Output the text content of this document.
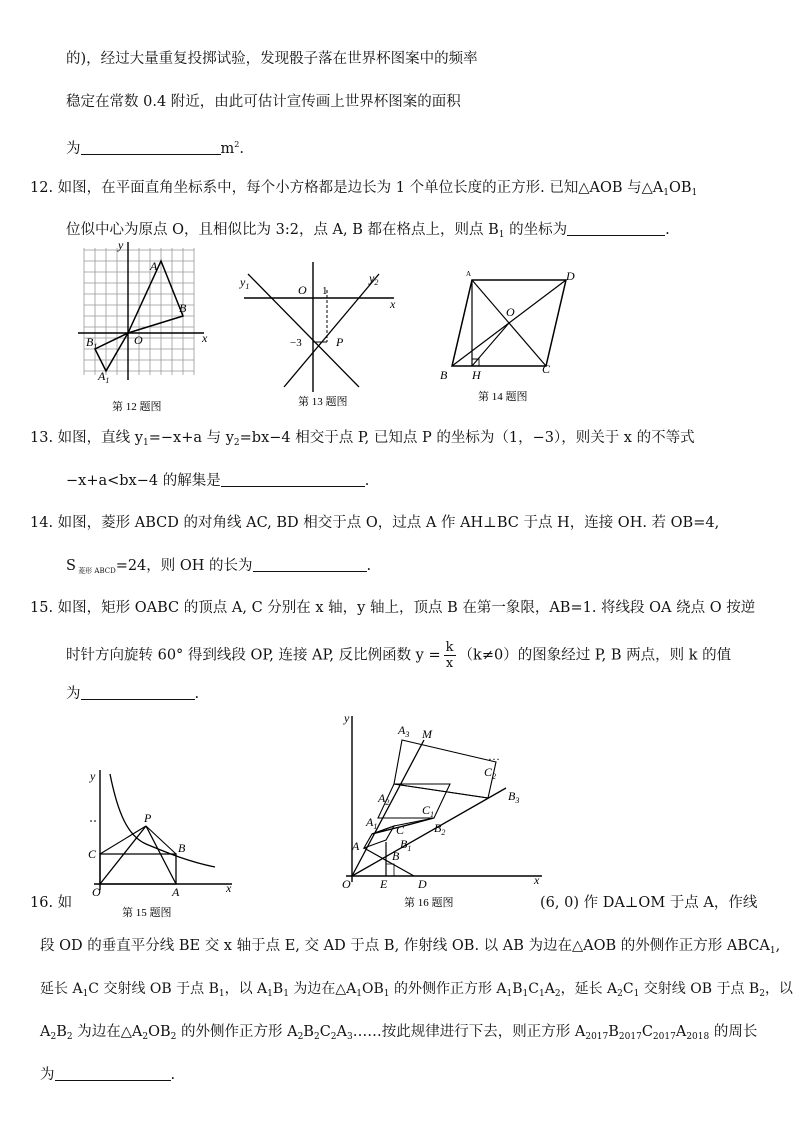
的)，经过大量重复投掷试验，发现骰子落在世界杯图案中的频率
稳定在常数 0.4 附近，由此可估计宣传画上世界杯图案的面积
为	$m^2$.
12. 如图，在平面直角坐标系中，每个小方格都是边长为 1 个单位长度的正方形. 已知△AOB 与$\triangle A_1OB_1$
位似中心为原点 O，且相似比为 3:2，点 A, B 都在格点上，则点 $B_1$ 的坐标为	.
y
x
A
B
O
$B_1$
$A_1$
第 12 题图
$y_1$
$y_2$
O 1
x
−3	P
第 13 题图
A	D
O
B H	C
第 14 题图
13. 如图，直线 $y_1=-x+a$ 与 $y_2=bx-4$ 相交于点 P, 已知点 P 的坐标为（1，−3），则关于 x 的不等式
−x+a<bx−4 的解集是	.
14. 如图，菱形 ABCD 的对角线 AC, BD 相交于点 O，过点 A 作 AH⊥BC 于点 H，连接 OH. 若 OB=4,
S $_{菱形 ABCD}$=24，则 OH 的长为	.
15. 如图，矩形 OABC 的顶点 A, C 分别在 x 轴，y 轴上，顶点 B 在第一象限，AB=1. 将线段 OA 绕点 O 按逆
时针方向旋转 60° 得到线段 OP, 连接 AP, 反比例函数 $y = \frac{k}{x} (k\ne 0)$的图象经过 P, B 两点，则 k 的值
为	.
y
P
C	B
O	A	x
第 15 题图
M
y
$A_3$
…
$C_2$
$B_3$
$A_2$
$C_1$
$B_2$
$A_1$ C
$B_1$
A
B
O E	D	x
第 16 题图
16. 如	(6, 0) 作 DA⊥OM 于点 A，作线
段 OD 的垂直平分线 BE 交 x 轴于点 E, 交 AD 于点 B, 作射线 OB. 以 AB 为边在△AOB 的外侧作正方形 $ABCA_1$,
延长 $A_1C$ 交射线 OB 于点 $B_1$，以 $A_1B_1$ 为边在$\triangle A_1OB_1$ 的外侧作正方形 $A_1B_1C_1A_2$，延长 $A_2C_1$ 交射线 OB 于点 $B_2$，以
$A_2B_2$ 为边在$\triangle A_2OB_2$ 的外侧作正方形 $A_2B_2C_2A_3\dots\dots$按此规律进行下去，则正方形 $A_{2017}B_{2017}C_{2017}A_{2018}$ 的周长
为	.
